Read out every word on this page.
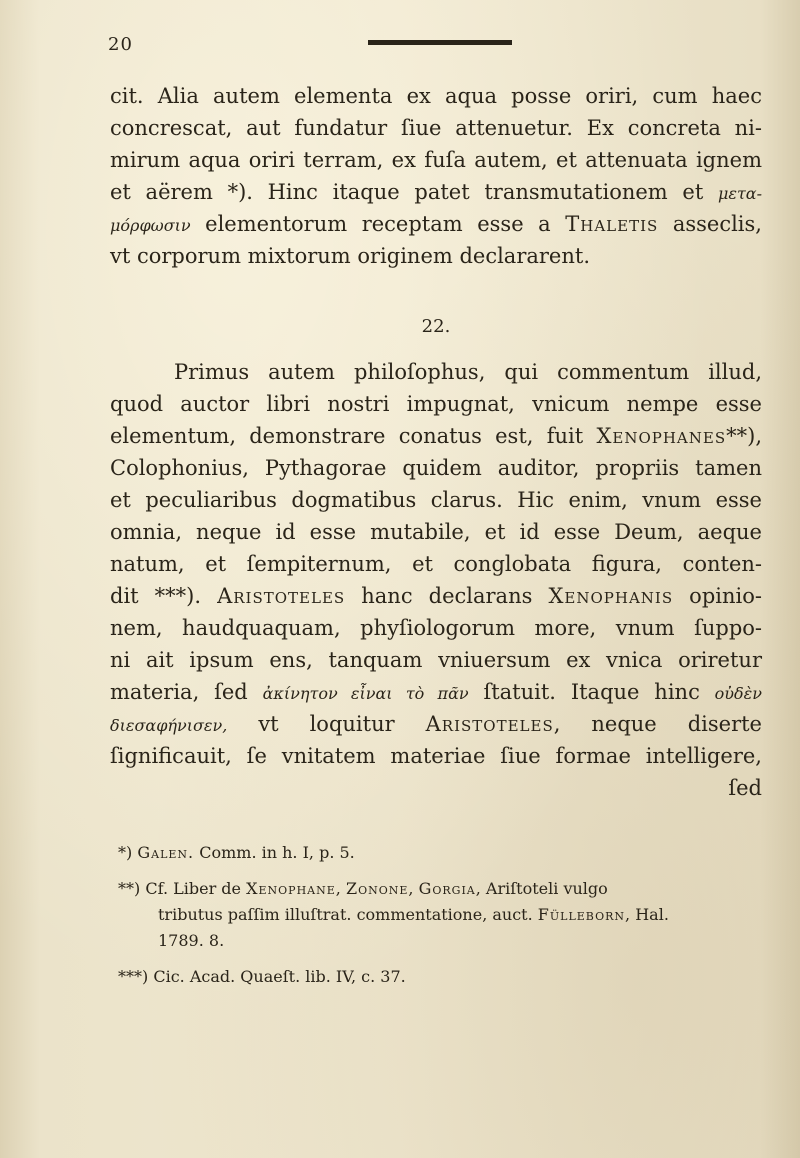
20
cit. Alia autem elementa ex aqua posse oriri, cum haec
concrescat, aut fundatur ſiue attenuetur. Ex concreta ni-
mirum aqua oriri terram, ex fuſa autem, et attenuata ignem
et aërem *). Hinc itaque patet transmutationem et μετα-
μόρφωσιν elementorum receptam esse a Thaletis asseclis,
vt corporum mixtorum originem declararent.
22.
Primus autem philoſophus, qui commentum illud,
quod auctor libri nostri impugnat, vnicum nempe esse
elementum, demonstrare conatus est, fuit Xenophanes**),
Colophonius, Pythagorae quidem auditor, propriis tamen
et peculiaribus dogmatibus clarus. Hic enim, vnum esse
omnia, neque id esse mutabile, et id esse Deum, aeque
natum, et ſempiternum, et conglobata figura, conten-
dit ***). Aristoteles hanc declarans Xenophanis opinio-
nem, haudquaquam, phyſiologorum more, vnum ſuppo-
ni ait ipsum ens, tanquam vniuersum ex vnica oriretur
materia, ſed ἀκίνητον εἶναι τὸ πᾶν ſtatuit. Itaque hinc οὐδὲν
διεσαφήνισεν, vt loquitur Aristoteles, neque diserte
ſignificauit, ſe vnitatem materiae ſiue formae intelligere,
ſed
*) Galen. Comm. in h. I, p. 5.
**) Cf. Liber de Xenophane, Zonone, Gorgia, Ariſtoteli vulgo
tributus paſſim illuſtrat. commentatione, auct. Fülleborn, Hal.
1789. 8.
***) Cic. Acad. Quaeſt. lib. IV, c. 37.
